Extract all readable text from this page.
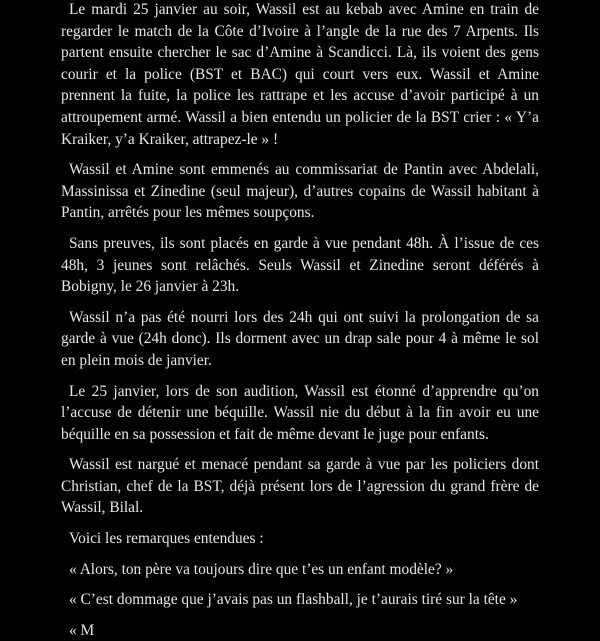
Le mardi 25 janvier au soir, Wassil est au kebab avec Amine en train de regarder le match de la Côte d’Ivoire à l’angle de la rue des 7 Arpents. Ils partent ensuite chercher le sac d’Amine à Scandicci. Là, ils voient des gens courir et la police (BST et BAC) qui court vers eux. Wassil et Amine prennent la fuite, la police les rattrape et les accuse d’avoir participé à un attroupement armé. Wassil a bien entendu un policier de la BST crier : « Y’a Kraiker, y’a Kraiker, attrapez-le » !

Wassil et Amine sont emmenés au commissariat de Pantin avec Abdelali, Massinissa et Zinedine (seul majeur), d’autres copains de Wassil habitant à Pantin, arrêtés pour les mêmes soupçons.

Sans preuves, ils sont placés en garde à vue pendant 48h. À l’issue de ces 48h, 3 jeunes sont relâchés. Seuls Wassil et Zinedine seront déférés à Bobigny, le 26 janvier à 23h.

Wassil n’a pas été nourri lors des 24h qui ont suivi la prolongation de sa garde à vue (24h donc). Ils dorment avec un drap sale pour 4 à même le sol en plein mois de janvier.

Le 25 janvier, lors de son audition, Wassil est étonné d’apprendre qu’on l’accuse de détenir une béquille. Wassil nie du début à la fin avoir eu une béquille en sa possession et fait de même devant le juge pour enfants.

Wassil est nargué et menacé pendant sa garde à vue par les policiers dont Christian, chef de la BST, déjà présent lors de l’agression du grand frère de Wassil, Bilal.

Voici les remarques entendues :

« Alors, ton père va toujours dire que t’es un enfant modèle? »

« C’est dommage que j’avais pas un flashball, je t’aurais tiré sur la tête »

« M
